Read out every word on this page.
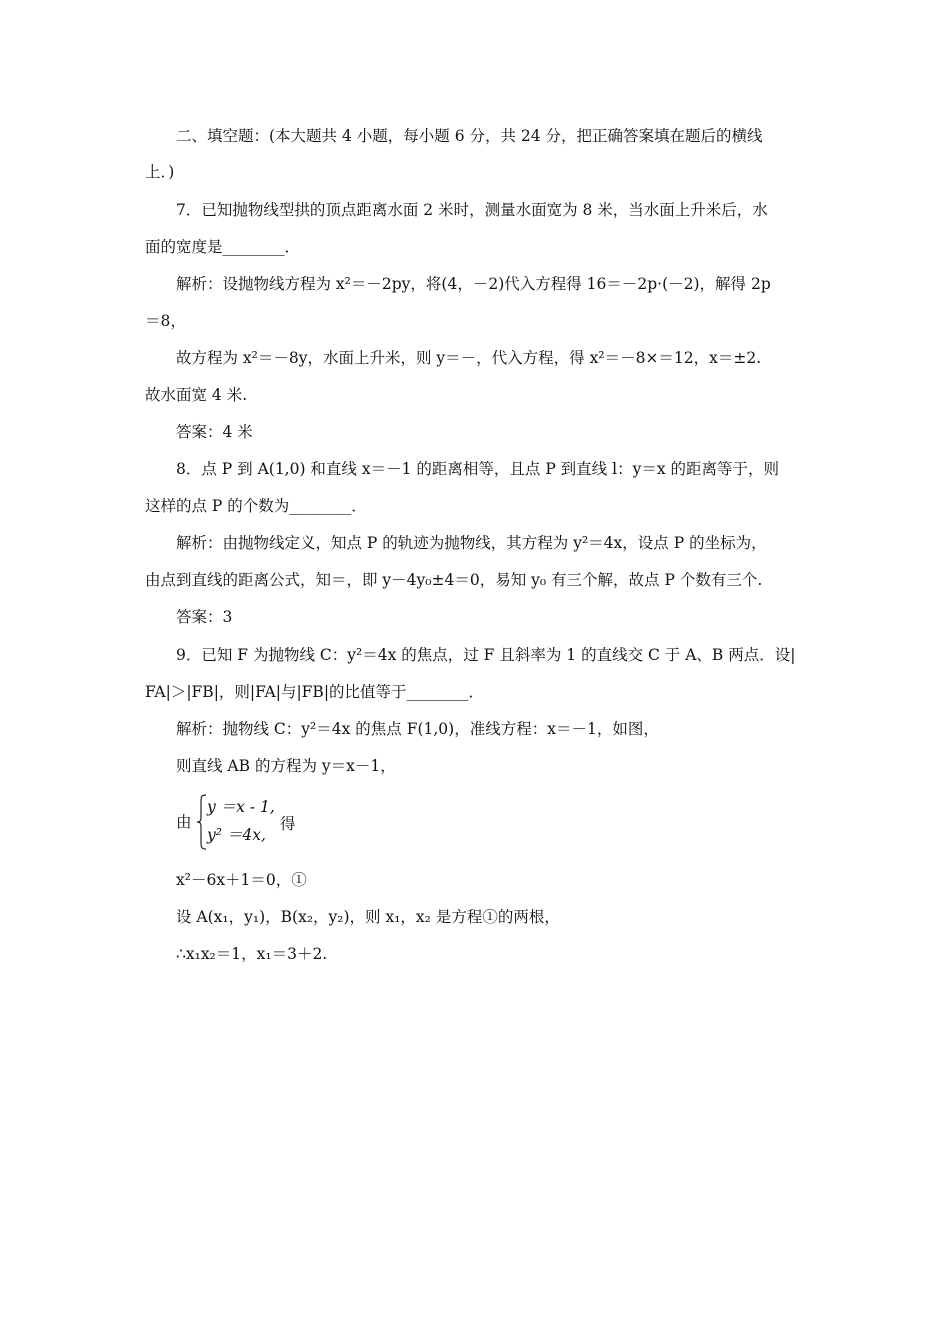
二、填空题：(本大题共 4 小题，每小题 6 分，共 24 分，把正确答案填在题后的横线
上．)
7．已知抛物线型拱的顶点距离水面 2 米时，测量水面宽为 8 米，当水面上升米后，水
面的宽度是________．
解析：设抛物线方程为 x²＝－2py，将(4，－2)代入方程得 16＝－2p·(－2)，解得 2p
＝8，
故方程为 x²＝－8y，水面上升米，则 y＝－，代入方程，得 x²＝－8×＝12，x＝±2.
故水面宽 4 米.
答案：4 米
8．点 P 到 A(1,0) 和直线 x＝－1 的距离相等，且点 P 到直线 l：y＝x 的距离等于，则
这样的点 P 的个数为________．
解析：由抛物线定义，知点 P 的轨迹为抛物线，其方程为 y²＝4x，设点 P 的坐标为，
由点到直线的距离公式，知＝，即 y－4y₀±4＝0，易知 y₀ 有三个解，故点 P 个数有三个.
答案：3
9．已知 F 为抛物线 C：y²＝4x 的焦点，过 F 且斜率为 1 的直线交 C 于 A、B 两点．设|
FA|＞|FB|，则|FA|与|FB|的比值等于________．
解析：抛物线 C：y²＝4x 的焦点 F(1,0)，准线方程：x＝－1，如图，
则直线 AB 的方程为 y＝x－1，
由
y ＝x - 1,
y² ＝4x,
得
x²－6x＋1＝0，①
设 A(x₁，y₁)，B(x₂，y₂)，则 x₁，x₂ 是方程①的两根，
∴x₁x₂＝1，x₁＝3＋2.
